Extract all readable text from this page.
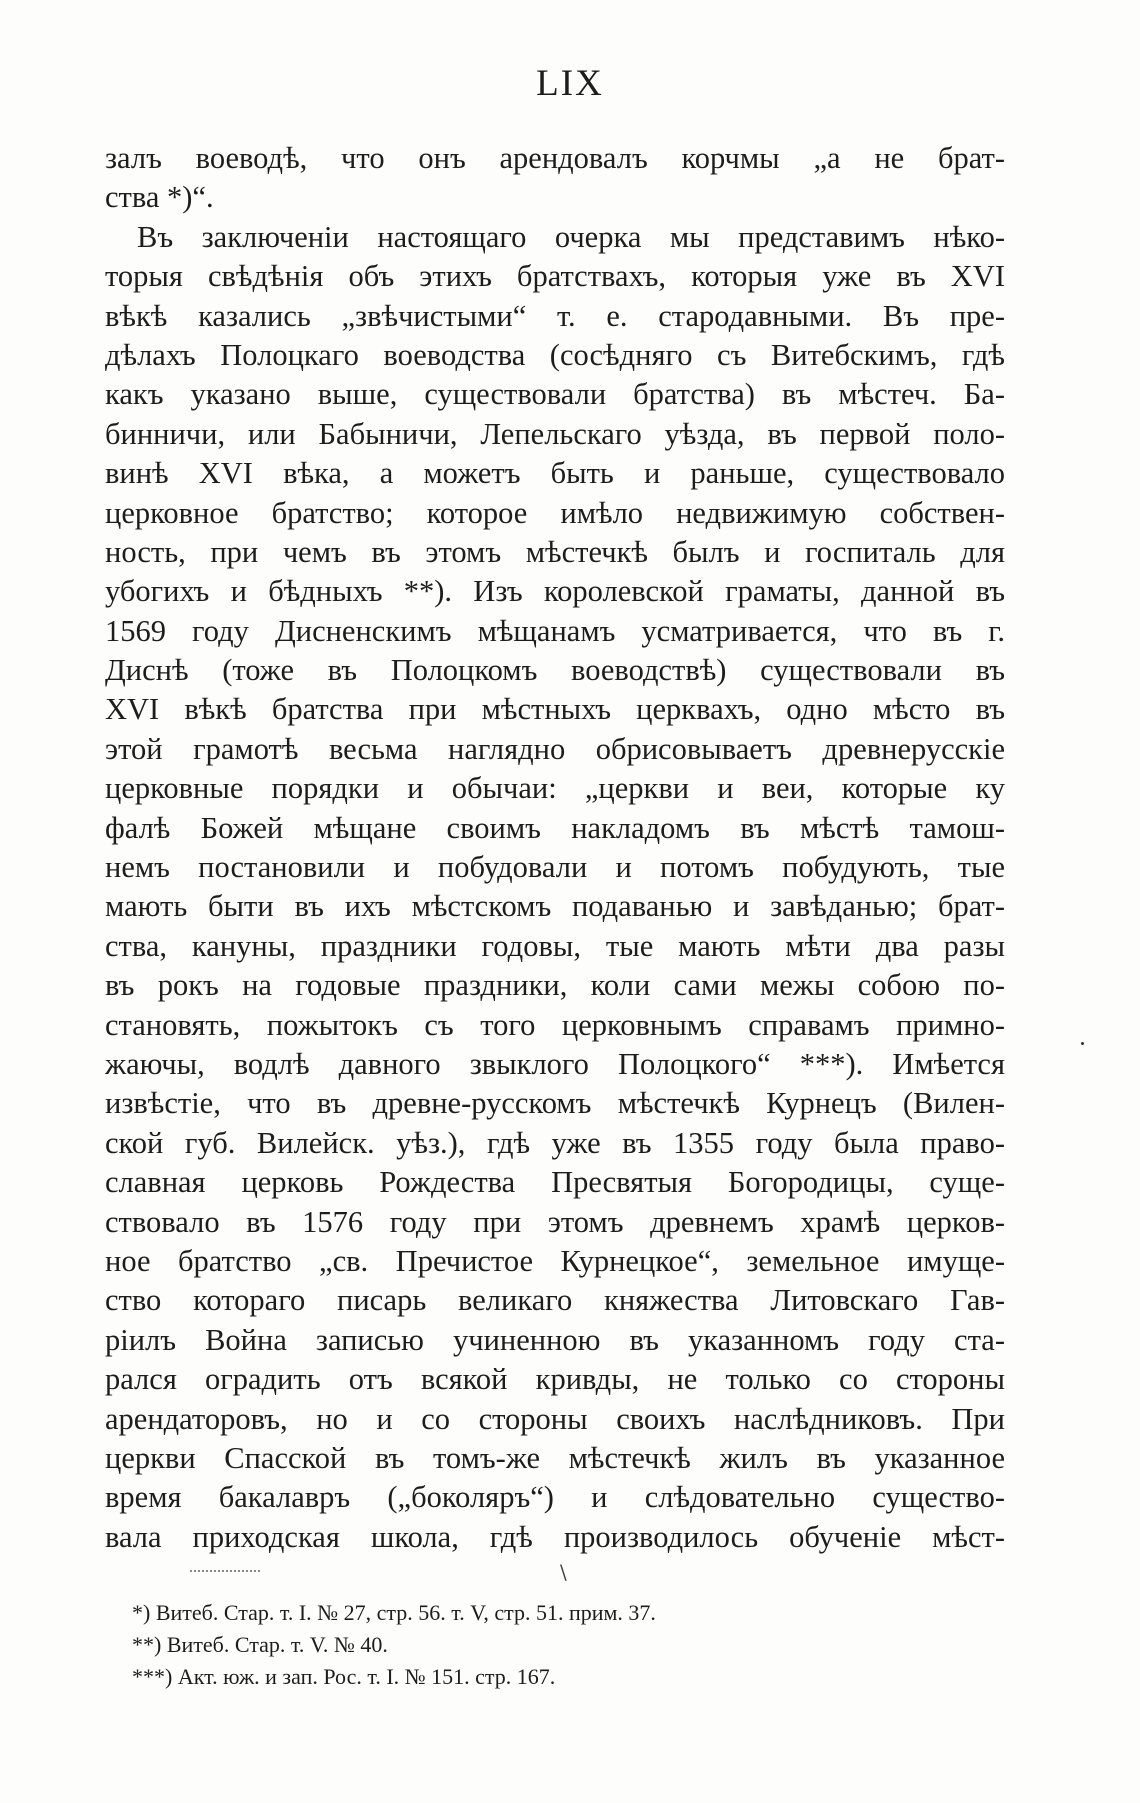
LIX
залъ воеводѣ, что онъ арендовалъ корчмы „а не брат-
ства *)“.
Въ заключенiи настоящаго очерка мы представимъ нѣко-
торыя свѣдѣнiя объ этихъ братствахъ, которыя уже въ XVI
вѣкѣ казались „звѣчистыми“ т. е. стародавными. Въ пре-
дѣлахъ Полоцкаго воеводства (сосѣдняго съ Витебскимъ, гдѣ
какъ указано выше, существовали братства) въ мѣстеч. Ба-
бинничи, или Бабыничи, Лепельскаго уѣзда, въ первой поло-
винѣ XVI вѣка, а можетъ быть и раньше, существовало
церковное братство; которое имѣло недвижимую собствен-
ность, при чемъ въ этомъ мѣстечкѣ былъ и госпиталь для
убогихъ и бѣдныхъ **). Изъ королевской граматы, данной въ
1569 году Дисненскимъ мѣщанамъ усматривается, что въ г.
Диснѣ (тоже въ Полоцкомъ воеводствѣ) существовали въ
XVI вѣкѣ братства при мѣстныхъ церквахъ, одно мѣсто въ
этой грамотѣ весьма наглядно обрисовываетъ древнерусскiе
церковные порядки и обычаи: „церкви и веи, которые ку
фалѣ Божей мѣщане своимъ накладомъ въ мѣстѣ тамош-
немъ постановили и побудовали и потомъ побудують, тые
мають быти въ ихъ мѣстскомъ подаванью и завѣданью; брат-
ства, кануны, праздники годовы, тые мають мѣти два разы
въ рокъ на годовые праздники, коли сами межы собою по-
становять, пожытокъ съ того церковнымъ справамъ примно-
жаючы, водлѣ давного звыклого Полоцкого“ ***). Имѣется
извѣстiе, что въ древне-русскомъ мѣстечкѣ Курнецъ (Вилен-
ской губ. Вилейск. уѣз.), гдѣ уже въ 1355 году была право-
славная церковь Рождества Пресвятыя Богородицы, суще-
ствовало въ 1576 году при этомъ древнемъ храмѣ церков-
ное братство „св. Пречистое Курнецкое“, земельное имуще-
ство котораго писарь великаго княжества Литовскаго Гав-
рiилъ Война записью учиненною въ указанномъ году ста-
рался оградить отъ всякой кривды, не только со стороны
арендаторовъ, но и со стороны своихъ наслѣдниковъ. При
церкви Спасской въ томъ-же мѣстечкѣ жилъ въ указанное
время бакалавръ („боколяръ“) и слѣдовательно существо-
вала приходская школа, гдѣ производилось обученiе мѣст-
\
*) Витеб. Стар. т. I. № 27, стр. 56. т. V, стр. 51. прим. 37.
**) Витеб. Стар. т. V. № 40.
***) Акт. юж. и зап. Рос. т. I. № 151. стр. 167.
